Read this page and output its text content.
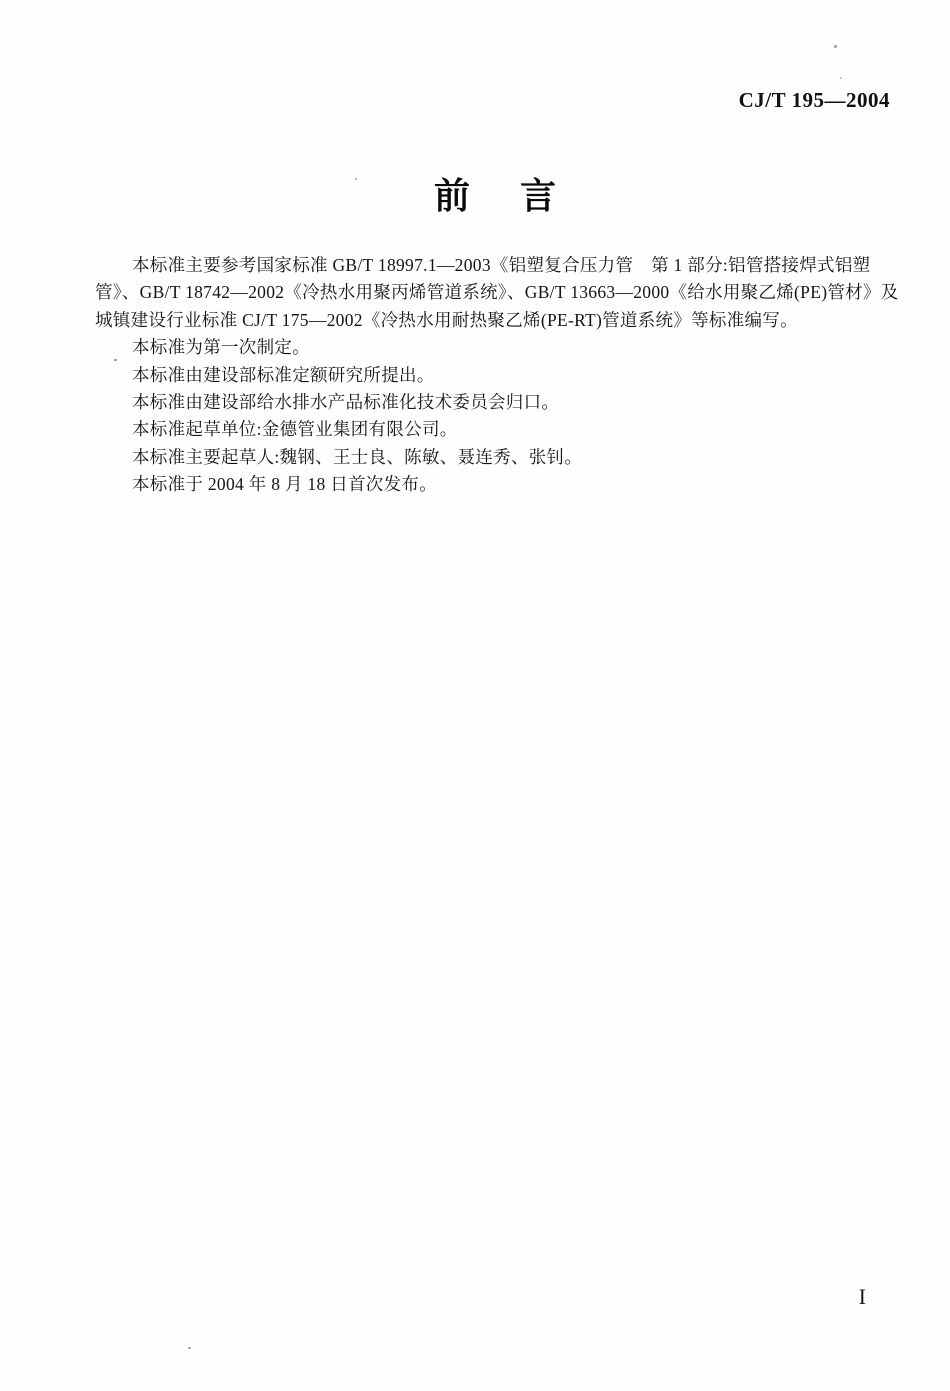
CJ/T 195—2004
前 言
本标准主要参考国家标准 GB/T 18997.1—2003《铝塑复合压力管　第 1 部分:铝管搭接焊式铝塑
管》、GB/T 18742—2002《冷热水用聚丙烯管道系统》、GB/T 13663—2000《给水用聚乙烯(PE)管材》及
城镇建设行业标准 CJ/T 175—2002《冷热水用耐热聚乙烯(PE-RT)管道系统》等标准编写。
本标准为第一次制定。
本标准由建设部标准定额研究所提出。
本标准由建设部给水排水产品标准化技术委员会归口。
本标准起草单位:金德管业集团有限公司。
本标准主要起草人:魏钢、王士良、陈敏、聂连秀、张钊。
本标准于 2004 年 8 月 18 日首次发布。
I
